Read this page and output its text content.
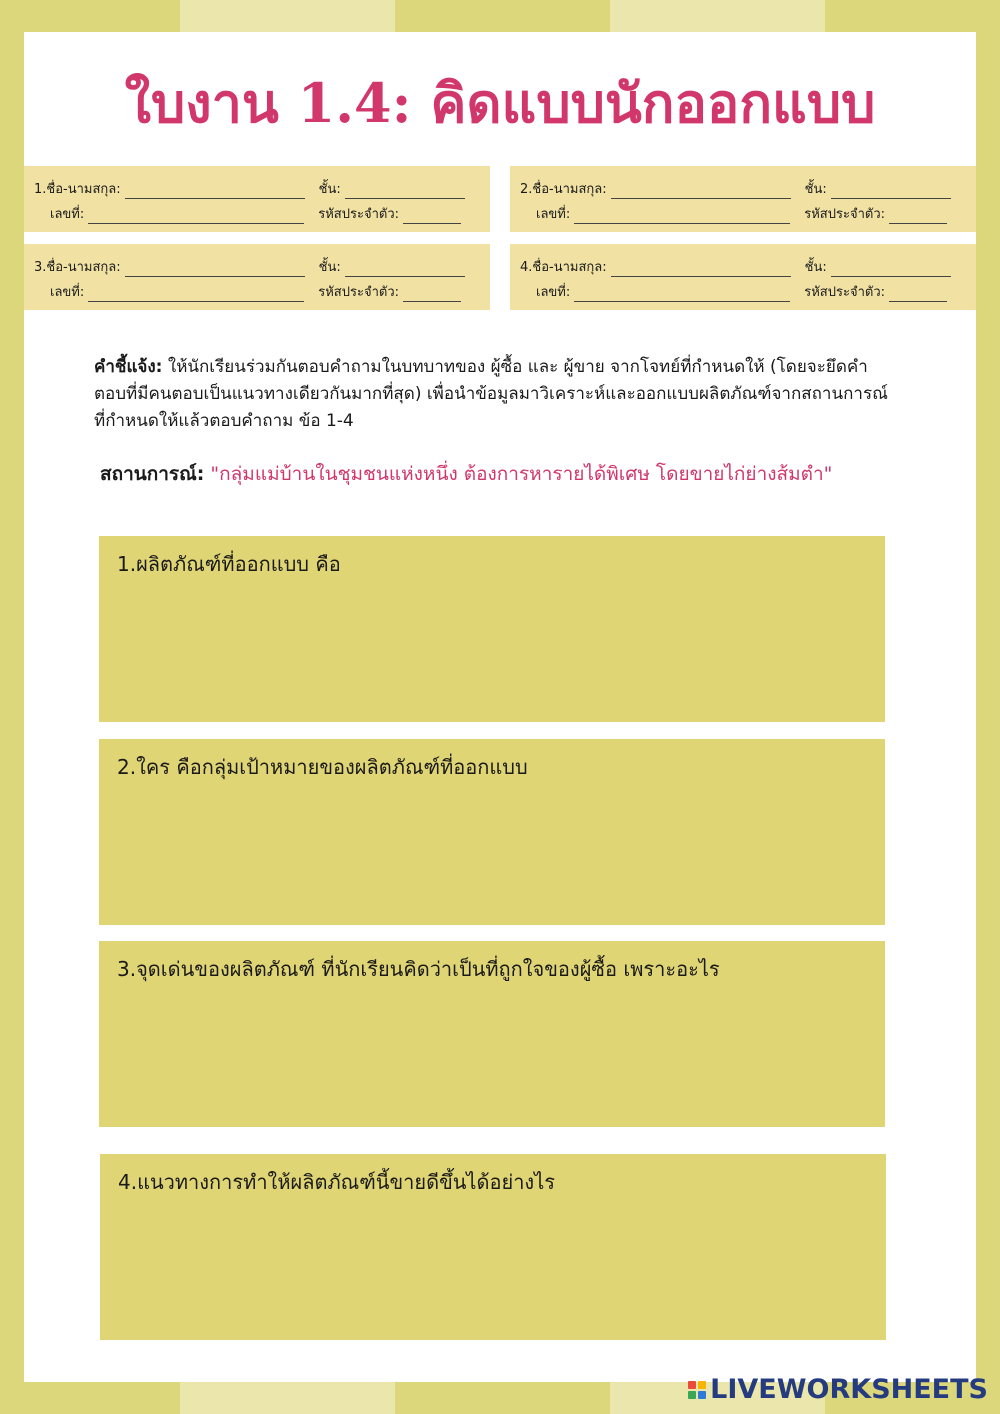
ใบงาน 1.4: คิดแบบนักออกแบบ
1.ชื่อ-นามสกุล:	ชั้น:
เลขที่:	รหัสประจำตัว:
2.ชื่อ-นามสกุล:	ชั้น:
เลขที่:	รหัสประจำตัว:
3.ชื่อ-นามสกุล:	ชั้น:
เลขที่:	รหัสประจำตัว:
4.ชื่อ-นามสกุล:	ชั้น:
เลขที่:	รหัสประจำตัว:

คำชี้แจ้ง: ให้นักเรียนร่วมกันตอบคำถามในบทบาทของ ผู้ซื้อ และ ผู้ขาย จากโจทย์ที่กำหนดให้ (โดยจะยึดคำตอบที่มีคนตอบเป็นแนวทางเดียวกันมากที่สุด) เพื่อนำข้อมูลมาวิเคราะห์และออกแบบผลิตภัณฑ์จากสถานการณ์ที่กำหนดให้แล้วตอบคำถาม ข้อ 1-4

สถานการณ์: "กลุ่มแม่บ้านในชุมชนแห่งหนึ่ง ต้องการหารายได้พิเศษ โดยขายไก่ย่างส้มตำ"

1.ผลิตภัณฑ์ที่ออกแบบ คือ
2.ใคร คือกลุ่มเป้าหมายของผลิตภัณฑ์ที่ออกแบบ
3.จุดเด่นของผลิตภัณฑ์ ที่นักเรียนคิดว่าเป็นที่ถูกใจของผู้ซื้อ เพราะอะไร
4.แนวทางการทำให้ผลิตภัณฑ์นี้ขายดีขึ้นได้อย่างไร
LIVEWORKSHEETS
